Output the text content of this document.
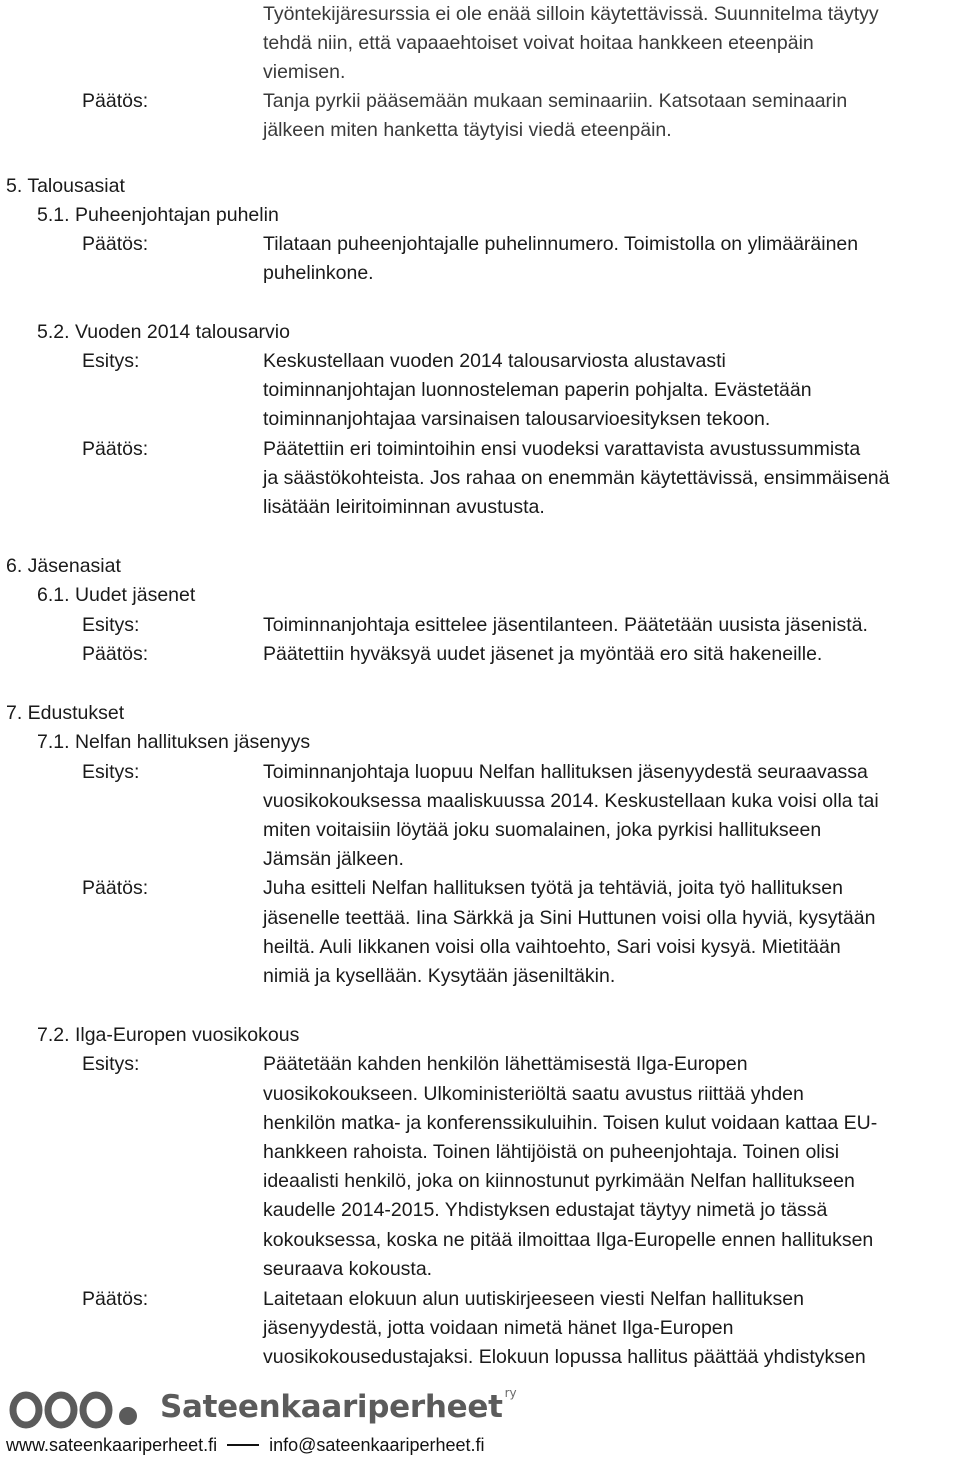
Työntekijäresurssia ei ole enää silloin käytettävissä. Suunnitelma täytyy
tehdä niin, että vapaaehtoiset voivat hoitaa hankkeen eteenpäin
viemisen.
Päätös:	Tanja pyrkii pääsemään mukaan seminaariin. Katsotaan seminaarin
jälkeen miten hanketta täytyisi viedä eteenpäin.
5. Talousasiat
5.1. Puheenjohtajan puhelin
Päätös:	Tilataan puheenjohtajalle puhelinnumero. Toimistolla on ylimääräinen
puhelinkone.
5.2. Vuoden 2014 talousarvio
Esitys:	Keskustellaan vuoden 2014 talousarviosta alustavasti
toiminnanjohtajan luonnosteleman paperin pohjalta. Evästetään
toiminnanjohtajaa varsinaisen talousarvioesityksen tekoon.
Päätös:	Päätettiin eri toimintoihin ensi vuodeksi varattavista avustussummista
ja säästökohteista. Jos rahaa on enemmän käytettävissä, ensimmäisenä
lisätään leiritoiminnan avustusta.
6. Jäsenasiat
6.1. Uudet jäsenet
Esitys:	Toiminnanjohtaja esittelee jäsentilanteen. Päätetään uusista jäsenistä.
Päätös:	Päätettiin hyväksyä uudet jäsenet ja myöntää ero sitä hakeneille.
7. Edustukset
7.1. Nelfan hallituksen jäsenyys
Esitys:	Toiminnanjohtaja luopuu Nelfan hallituksen jäsenyydestä seuraavassa
vuosikokouksessa maaliskuussa 2014. Keskustellaan kuka voisi olla tai
miten voitaisiin löytää joku suomalainen, joka pyrkisi hallitukseen
Jämsän jälkeen.
Päätös:	Juha esitteli Nelfan hallituksen työtä ja tehtäviä, joita työ hallituksen
jäsenelle teettää. Iina Särkkä ja Sini Huttunen voisi olla hyviä, kysytään
heiltä. Auli Iikkanen voisi olla vaihtoehto, Sari voisi kysyä. Mietitään
nimiä ja kysellään. Kysytään jäseniltäkin.
7.2. Ilga-Europen vuosikokous
Esitys:	Päätetään kahden henkilön lähettämisestä Ilga-Europen
vuosikokoukseen. Ulkoministeriöltä saatu avustus riittää yhden
henkilön matka- ja konferenssikuluihin. Toisen kulut voidaan kattaa EU-
hankkeen rahoista. Toinen lähtijöistä on puheenjohtaja. Toinen olisi
ideaalisti henkilö, joka on kiinnostunut pyrkimään Nelfan hallitukseen
kaudelle 2014-2015. Yhdistyksen edustajat täytyy nimetä jo tässä
kokouksessa, koska ne pitää ilmoittaa Ilga-Europelle ennen hallituksen
seuraava kokousta.
Päätös:	Laitetaan elokuun alun uutiskirjeeseen viesti Nelfan hallituksen
jäsenyydestä, jotta voidaan nimetä hänet Ilga-Europen
vuosikokousedustajaksi. Elokuun lopussa hallitus päättää yhdistyksen
Sateenkaariperheet ry
www.sateenkaariperheet.fi	info@sateenkaariperheet.fi
